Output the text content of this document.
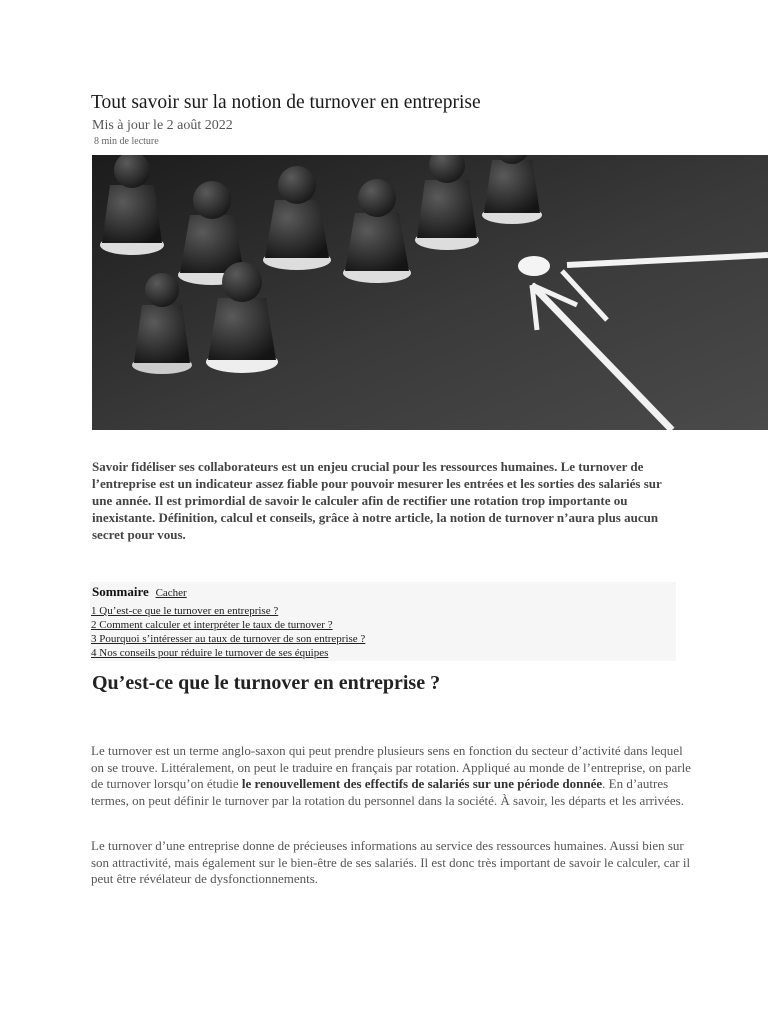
Tout savoir sur la notion de turnover en entreprise
Mis à jour le 2 août 2022
8 min de lecture

Savoir fidéliser ses collaborateurs est un enjeu crucial pour les ressources humaines. Le turnover de l’entreprise est un indicateur assez fiable pour pouvoir mesurer les entrées et les sorties des salariés sur une année. Il est primordial de savoir le calculer afin de rectifier une rotation trop importante ou inexistante. Définition, calcul et conseils, grâce à notre article, la notion de turnover n’aura plus aucun secret pour vous.

Sommaire Cacher
1 Qu’est-ce que le turnover en entreprise ?
2 Comment calculer et interpréter le taux de turnover ?
3 Pourquoi s’intéresser au taux de turnover de son entreprise ?
4 Nos conseils pour réduire le turnover de ses équipes
Qu’est-ce que le turnover en entreprise ?

Le turnover est un terme anglo-saxon qui peut prendre plusieurs sens en fonction du secteur d’activité dans lequel on se trouve. Littéralement, on peut le traduire en français par rotation. Appliqué au monde de l’entreprise, on parle de turnover lorsqu’on étudie le renouvellement des effectifs de salariés sur une période donnée. En d’autres termes, on peut définir le turnover par la rotation du personnel dans la société. À savoir, les départs et les arrivées.

Le turnover d’une entreprise donne de précieuses informations au service des ressources humaines. Aussi bien sur son attractivité, mais également sur le bien-être de ses salariés. Il est donc très important de savoir le calculer, car il peut être révélateur de dysfonctionnements.
